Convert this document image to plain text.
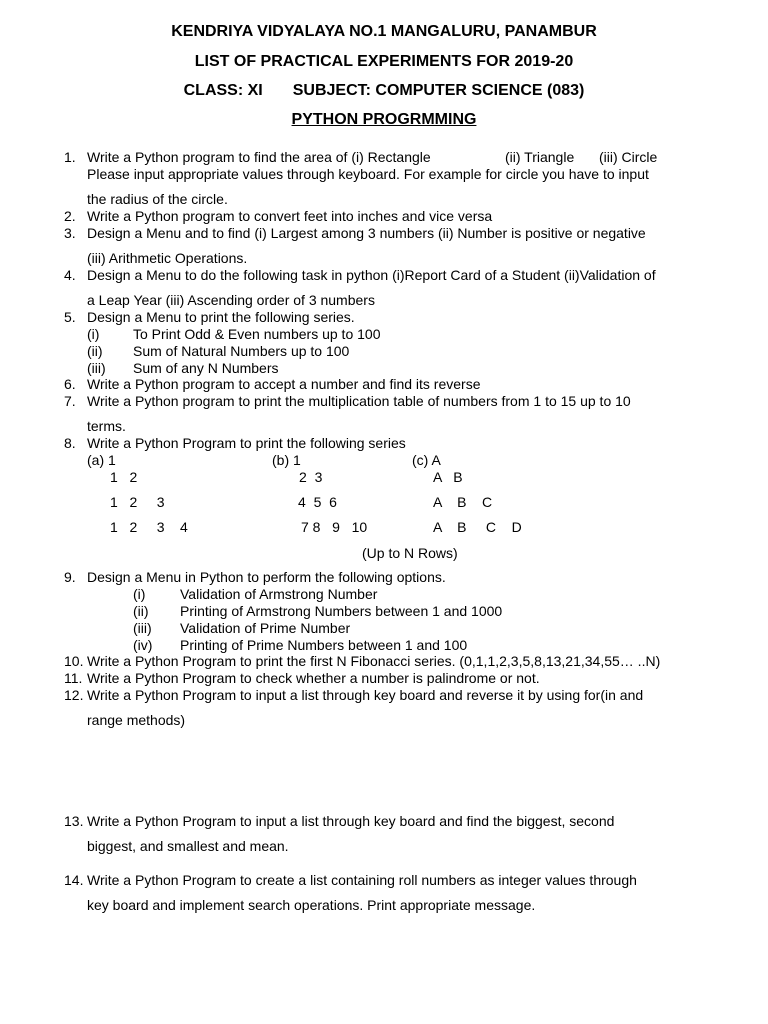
KENDRIYA VIDYALAYA NO.1 MANGALURU, PANAMBUR
LIST OF PRACTICAL EXPERIMENTS FOR 2019-20
CLASS: XI SUBJECT: COMPUTER SCIENCE (083)
PYTHON PROGRMMING
1. Write a Python program to find the area of (i) Rectangle	(ii) Triangle (iii) Circle
Please input appropriate values through keyboard. For example for circle you have to input
the radius of the circle.
2. Write a Python program to convert feet into inches and vice versa
3. Design a Menu and to find (i) Largest among 3 numbers (ii) Number is positive or negative
(iii) Arithmetic Operations.
4. Design a Menu to do the following task in python (i)Report Card of a Student (ii)Validation of
a Leap Year (iii) Ascending order of 3 numbers
5. Design a Menu to print the following series.
(i) To Print Odd & Even numbers up to 100
(ii) Sum of Natural Numbers up to 100
(iii) Sum of any N Numbers
6. Write a Python program to accept a number and find its reverse
7. Write a Python program to print the multiplication table of numbers from 1 to 15 up to 10
terms.
8. Write a Python Program to print the following series
(a) 1
1   2
1   2     3
1   2     3    4
(b) 1
2  3
4  5  6
7 8   9   10
(c) A
A   B
A    B    C
A    B     C    D
(Up to N Rows)
9. Design a Menu in Python to perform the following options.
(i) Validation of Armstrong Number
(ii) Printing of Armstrong Numbers between 1 and 1000
(iii) Validation of Prime Number
(iv) Printing of Prime Numbers between 1 and 100
10. Write a Python Program to print the first N Fibonacci series. (0,1,1,2,3,5,8,13,21,34,55… ..N)
11. Write a Python Program to check whether a number is palindrome or not.
12. Write a Python Program to input a list through key board and reverse it by using for(in and
range methods)
13. Write a Python Program to input a list through key board and find the biggest, second
biggest, and smallest and mean.
14. Write a Python Program to create a list containing roll numbers as integer values through
key board and implement search operations. Print appropriate message.
